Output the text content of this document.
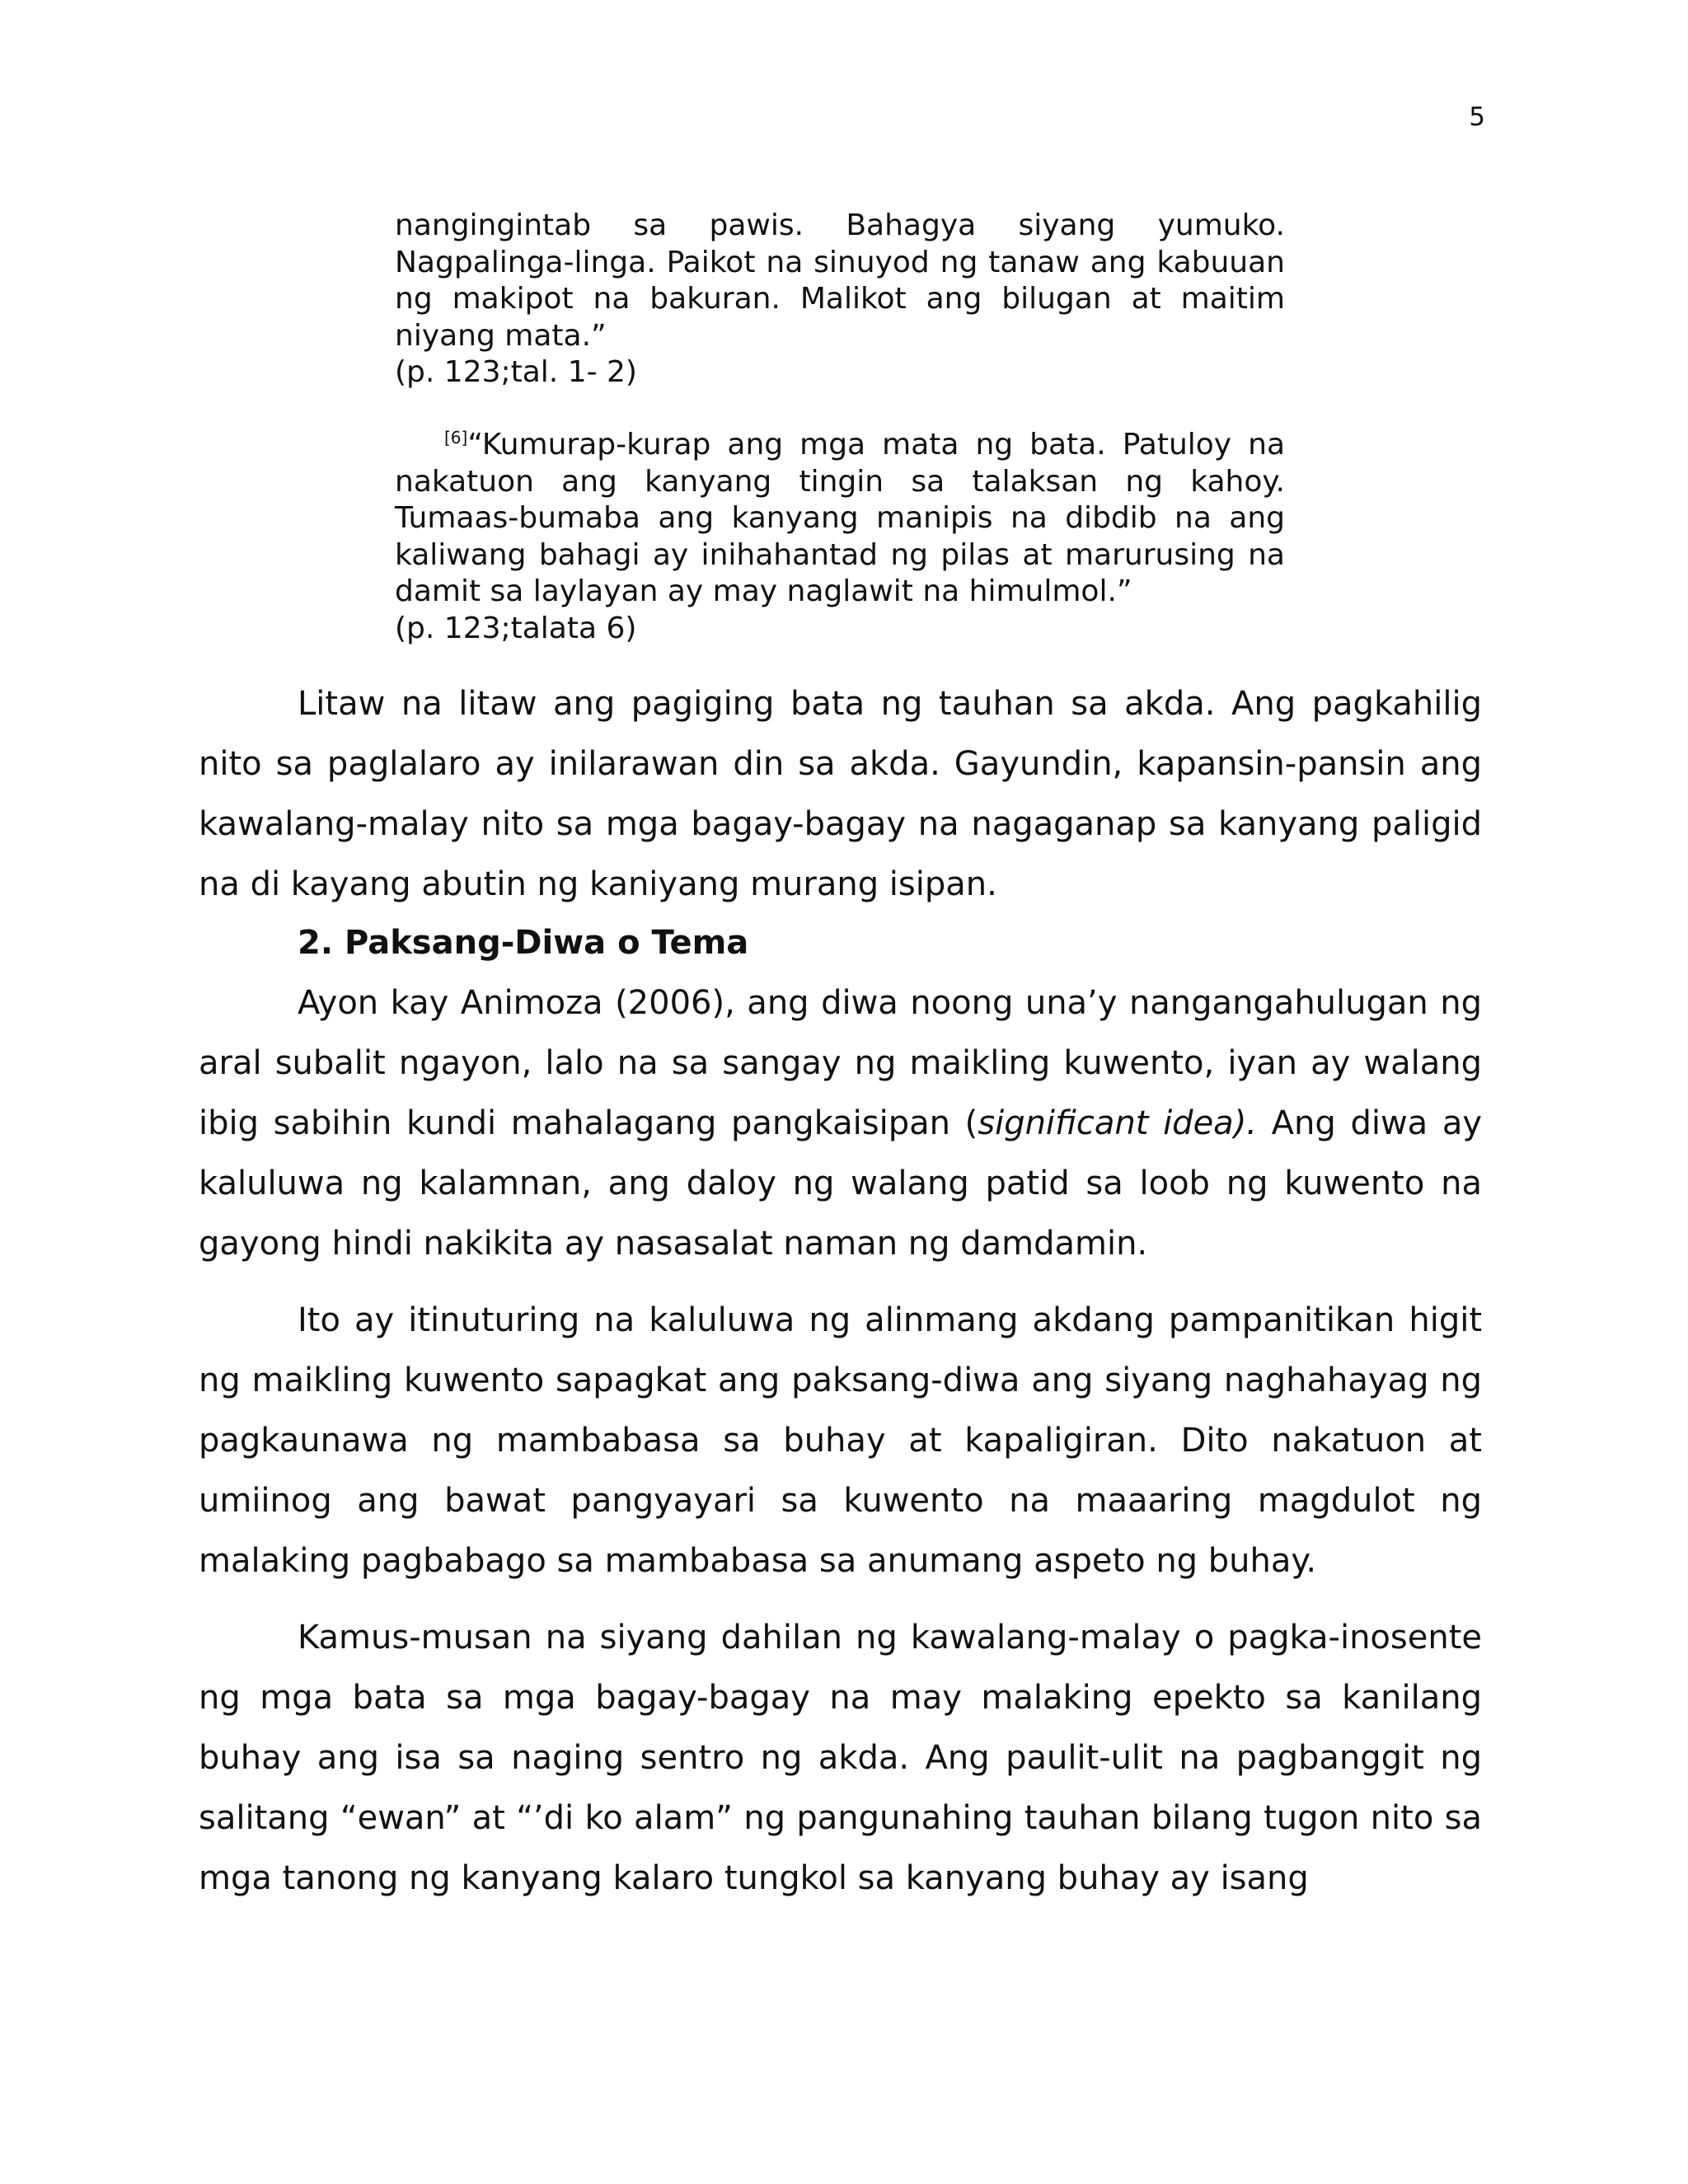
5
nangingintab sa pawis. Bahagya siyang yumuko. Nagpalinga-linga. Paikot na sinuyod ng tanaw ang kabuuan ng makipot na bakuran. Malikot ang bilugan at maitim niyang mata.”
(p. 123;tal. 1- 2)
[6]“Kumurap-kurap ang mga mata ng bata. Patuloy na nakatuon ang kanyang tingin sa talaksan ng kahoy. Tumaas-bumaba ang kanyang manipis na dibdib na ang kaliwang bahagi ay inihahantad ng pilas at marurusing na damit sa laylayan ay may naglawit na himulmol.”
(p. 123;talata 6)

Litaw na litaw ang pagiging bata ng tauhan sa akda. Ang pagkahilig nito sa paglalaro ay inilarawan din sa akda. Gayundin, kapansin-pansin ang kawalang-malay nito sa mga bagay-bagay na nagaganap sa kanyang paligid na di kayang abutin ng kaniyang murang isipan.

2. Paksang-Diwa o Tema

Ayon kay Animoza (2006), ang diwa noong una’y nangangahulugan ng aral subalit ngayon, lalo na sa sangay ng maikling kuwento, iyan ay walang ibig sabihin kundi mahalagang pangkaisipan (significant idea). Ang diwa ay kaluluwa ng kalamnan, ang daloy ng walang patid sa loob ng kuwento na gayong hindi nakikita ay nasasalat naman ng damdamin.

Ito ay itinuturing na kaluluwa ng alinmang akdang pampanitikan higit ng maikling kuwento sapagkat ang paksang-diwa ang siyang naghahayag ng pagkaunawa ng mambabasa sa buhay at kapaligiran. Dito nakatuon at umiinog ang bawat pangyayari sa kuwento na maaaring magdulot ng malaking pagbabago sa mambabasa sa anumang aspeto ng buhay.

Kamus-musan na siyang dahilan ng kawalang-malay o pagka-inosente ng mga bata sa mga bagay-bagay na may malaking epekto sa kanilang buhay ang isa sa naging sentro ng akda. Ang paulit-ulit na pagbanggit ng salitang “ewan” at “’di ko alam” ng pangunahing tauhan bilang tugon nito sa mga tanong ng kanyang kalaro tungkol sa kanyang buhay ay isang
